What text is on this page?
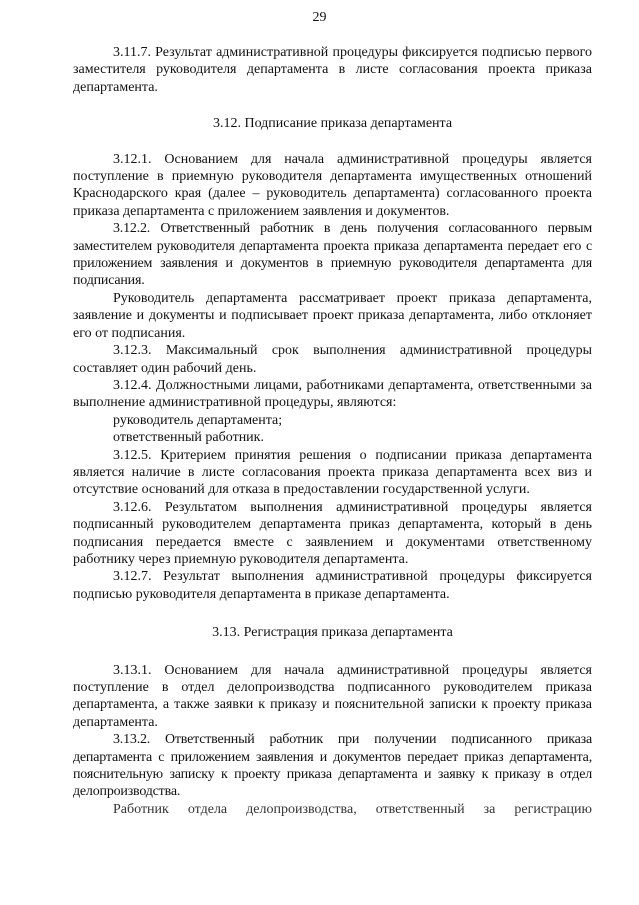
29

3.11.7. Результат административной процедуры фиксируется подписью первого заместителя руководителя департамента в листе согласования проекта приказа департамента.

3.12. Подписание приказа департамента

3.12.1. Основанием для начала административной процедуры является поступление в приемную руководителя департамента имущественных отношений Краснодарского края (далее – руководитель департамента) согласованного проекта приказа департамента с приложением заявления и документов.

3.12.2. Ответственный работник в день получения согласованного первым заместителем руководителя департамента проекта приказа департамента передает его с приложением заявления и документов в приемную руководителя департамента для подписания.

Руководитель департамента рассматривает проект приказа департамента, заявление и документы и подписывает проект приказа департамента, либо отклоняет его от подписания.

3.12.3. Максимальный срок выполнения административной процедуры составляет один рабочий день.

3.12.4. Должностными лицами, работниками департамента, ответственными за выполнение административной процедуры, являются:

руководитель департамента;

ответственный работник.

3.12.5. Критерием принятия решения о подписании приказа департамента является наличие в листе согласования проекта приказа департамента всех виз и отсутствие оснований для отказа в предоставлении государственной услуги.

3.12.6. Результатом выполнения административной процедуры является подписанный руководителем департамента приказ департамента, который в день подписания передается вместе с заявлением и документами ответственному работнику через приемную руководителя департамента.

3.12.7. Результат выполнения административной процедуры фиксируется подписью руководителя департамента в приказе департамента.

3.13. Регистрация приказа департамента

3.13.1. Основанием для начала административной процедуры является поступление в отдел делопроизводства подписанного руководителем приказа департамента, а также заявки к приказу и пояснительной записки к проекту приказа департамента.

3.13.2. Ответственный работник при получении подписанного приказа департамента с приложением заявления и документов передает приказ департамента, пояснительную записку к проекту приказа департамента и заявку к приказу в отдел делопроизводства.

Работник отдела делопроизводства, ответственный за регистрацию
